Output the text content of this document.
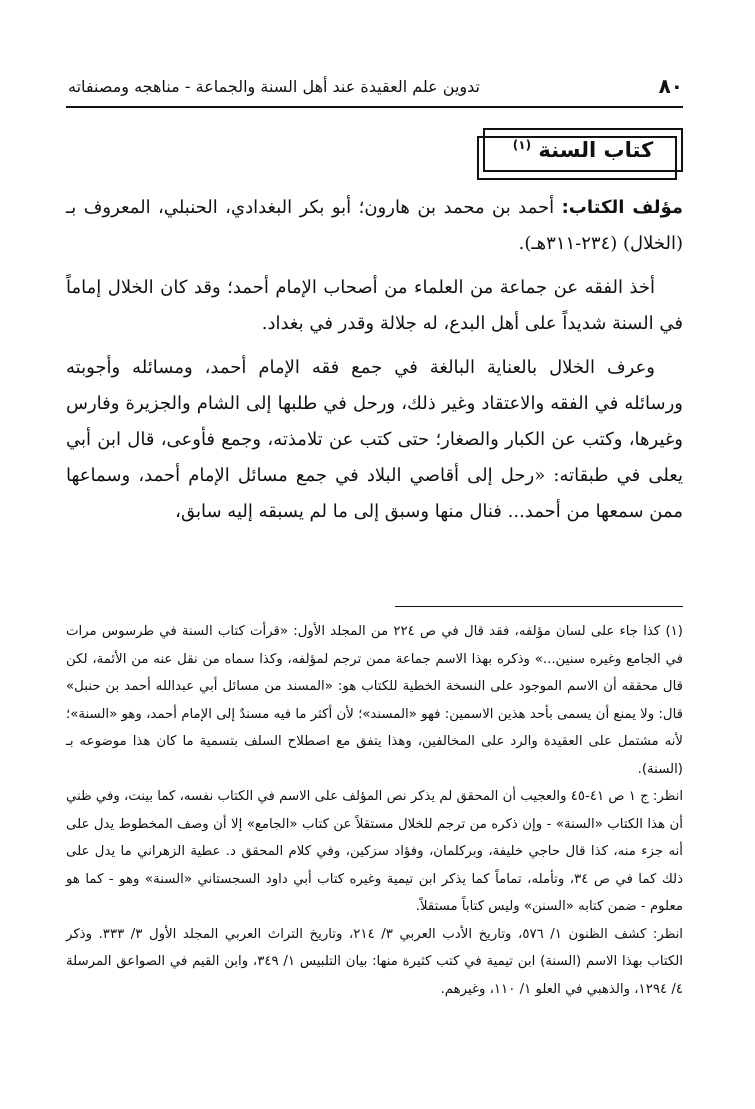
٨٠
تدوين علم العقيدة عند أهل السنة والجماعة - مناهجه ومصنفاته
كتاب السنة $^{(١)}$

مؤلف الكتاب: أحمد بن محمد بن هارون؛ أبو بكر البغدادي، الحنبلي، المعروف بـ (الخلال) (٢٣٤-٣١١هـ).

أخذ الفقه عن جماعة من العلماء من أصحاب الإمام أحمد؛ وقد كان الخلال إماماً في السنة شديداً على أهل البدع، له جلالة وقدر في بغداد.

وعرف الخلال بالعناية البالغة في جمع فقه الإمام أحمد، ومسائله وأجوبته ورسائله في الفقه والاعتقاد وغير ذلك، ورحل في طلبها إلى الشام والجزيرة وفارس وغيرها، وكتب عن الكبار والصغار؛ حتى كتب عن تلامذته، وجمع فأوعى، قال ابن أبي يعلى في طبقاته: «رحل إلى أقاصي البلاد في جمع مسائل الإمام أحمد، وسماعها ممن سمعها من أحمد... فنال منها وسبق إلى ما لم يسبقه إليه سابق،

(١) كذا جاء على لسان مؤلفه، فقد قال في ص ٢٢٤ من المجلد الأول: «قرأت كتاب السنة في طرسوس مرات في الجامع وغيره سنين...» وذكره بهذا الاسم جماعة ممن ترجم لمؤلفه، وكذا سماه من نقل عنه من الأئمة، لكن قال محققه أن الاسم الموجود على النسخة الخطية للكتاب هو: «المسند من مسائل أبي عبدالله أحمد بن حنبل» قال: ولا يمنع أن يسمى بأحد هذين الاسمين: فهو «المسند»؛ لأن أكثر ما فيه مسندٌ إلى الإمام أحمد، وهو «السنة»؛ لأنه مشتمل على العقيدة والرد على المخالفين، وهذا يتفق مع اصطلاح السلف بتسمية ما كان هذا موضوعه بـ (السنة).

انظر: ج ١ ص ٤١-٤٥ والعجيب أن المحقق لم يذكر نص المؤلف على الاسم في الكتاب نفسه، كما بينت، وفي ظني أن هذا الكتاب «السنة» - وإن ذكره من ترجم للخلال مستقلاً عن كتاب «الجامع» إلا أن وصف المخطوط يدل على أنه جزء منه، كذا قال حاجي خليفة، وبركلمان، وفؤاد سزكين، وفي كلام المحقق د. عطية الزهراني ما يدل على ذلك كما في ص ٣٤، وتأمله، تماماً كما يذكر ابن تيمية وغيره كتاب أبي داود السجستاني «السنة» وهو - كما هو معلوم - ضمن كتابه «السنن» وليس كتاباً مستقلاً.

انظر: كشف الظنون ١/ ٥٧٦، وتاريخ الأدب العربي ٣/ ٢١٤، وتاريخ التراث العربي المجلد الأول ٣/ ٣٣٣. وذكر الكتاب بهذا الاسم (السنة) ابن تيمية في كتب كثيرة منها: بيان التلبيس ١/ ٣٤٩، وابن القيم في الصواعق المرسلة ٤/ ١٢٩٤، والذهبي في العلو ١/ ١١٠، وغيرهم.
